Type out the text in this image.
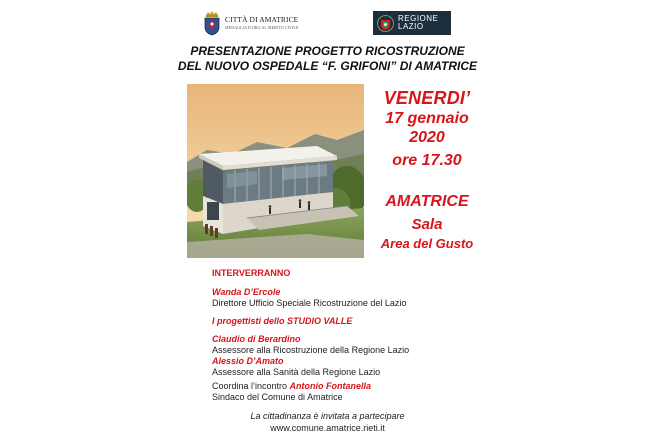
CITTÀ DI AMATRICE
MEDAGLIA D'ORO AL MERITO CIVILE
REGIONE
LAZIO
PRESENTAZIONE PROGETTO RICOSTRUZIONE
DEL NUOVO OSPEDALE “F. GRIFONI” DI AMATRICE
VENERDI’
17 gennaio
2020
ore 17.30
AMATRICE
Sala
Area del Gusto
INTERVERRANNO
Wanda D’Ercole
Direttore Ufficio Speciale Ricostruzione del Lazio
I progettisti dello STUDIO VALLE
Claudio di Berardino
Assessore alla Ricostruzione della Regione Lazio
Alessio D’Amato
Assessore alla Sanità della Regione Lazio
Coordina l’incontro Antonio Fontanella
Sindaco del Comune di Amatrice
La cittadinanza è invitata a partecipare
www.comune.amatrice.rieti.it
